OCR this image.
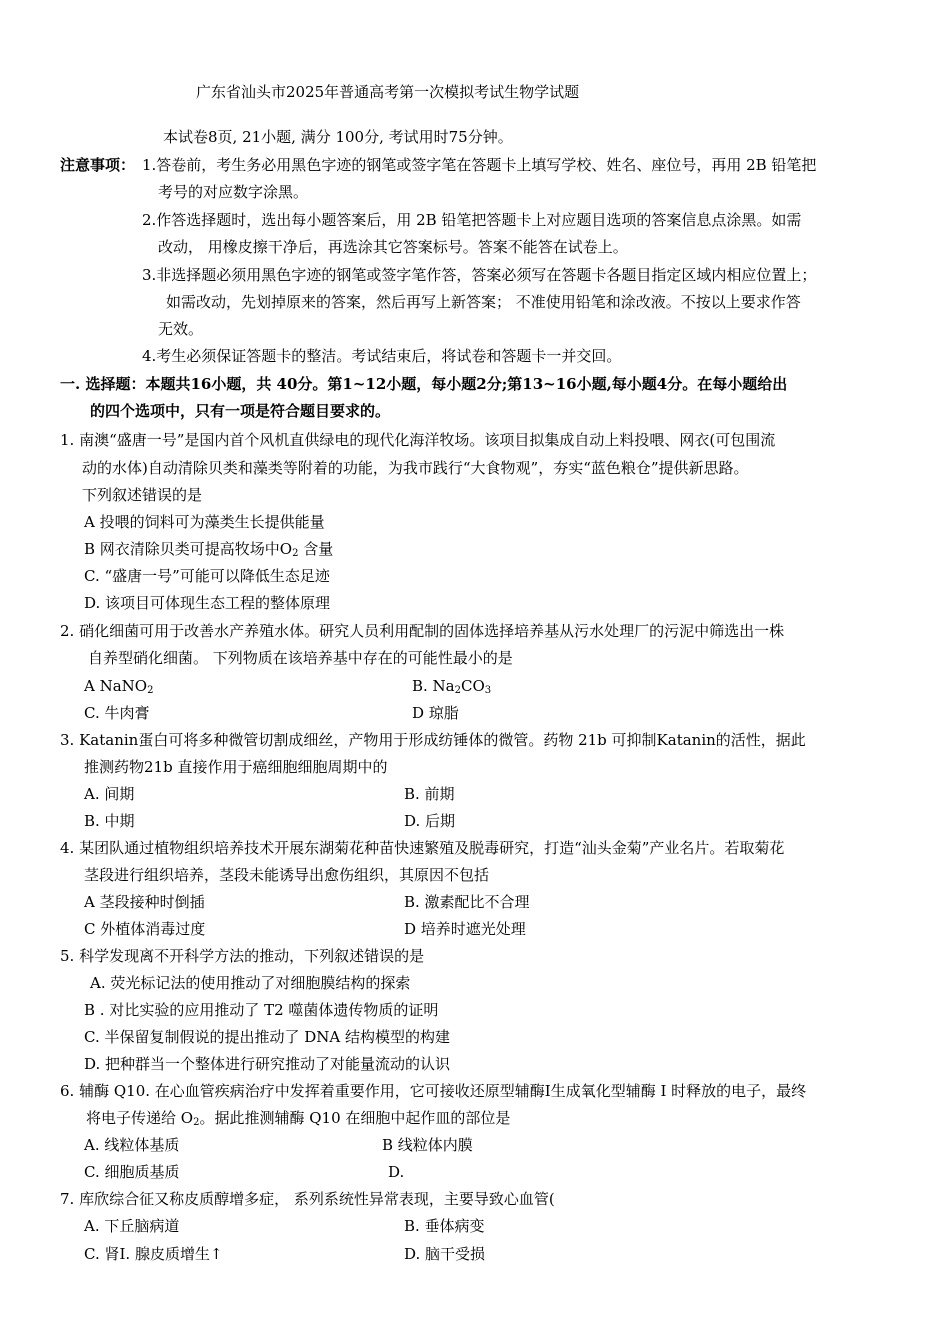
广东省汕头市2025年普通高考第一次模拟考试生物学试题
本试卷8页, 21小题, 满分 100分, 考试用时75分钟。
注意事项： 1.答卷前，考生务必用黑色字迹的钢笔或签字笔在答题卡上填写学校、姓名、座位号，再用 2B 铅笔把
考号的对应数字涂黑。
2.作答选择题时，选出每小题答案后，用 2B 铅笔把答题卡上对应题目选项的答案信息点涂黑。如需
改动， 用橡皮擦干净后，再选涂其它答案标号。答案不能答在试卷上。
3.非选择题必须用黑色字迹的钢笔或签字笔作答，答案必须写在答题卡各题目指定区域内相应位置上；
如需改动，先划掉原来的答案，然后再写上新答案； 不准使用铅笔和涂改液。不按以上要求作答
无效。
4.考生必须保证答题卡的整洁。考试结束后，将试卷和答题卡一并交回。
一. 选择题：本题共16小题，共 40分。第1~12小题，每小题2分;第13~16小题,每小题4分。在每小题给出
的四个选项中，只有一项是符合题目要求的。
1. 南澳“盛唐一号”是国内首个风机直供绿电的现代化海洋牧场。该项目拟集成自动上料投喂、网衣(可包围流
动的水体)自动清除贝类和藻类等附着的功能，为我市践行“大食物观”，夯实“蓝色粮仓”提供新思路。
下列叙述错误的是
A 投喂的饲料可为藻类生长提供能量
B 网衣清除贝类可提高牧场中$O_2$ 含量
C. “盛唐一号”可能可以降低生态足迹
D. 该项目可体现生态工程的整体原理
2. 硝化细菌可用于改善水产养殖水体。研究人员利用配制的固体选择培养基从污水处理厂的污泥中筛选出一株
自养型硝化细菌。 下列物质在该培养基中存在的可能性最小的是
A NaNO$_2$	B. $Na_2CO_3$
C. 牛肉膏	D 琼脂
3. Katanin蛋白可将多种微管切割成细丝，产物用于形成纺锤体的微管。药物 21b 可抑制Katanin的活性，据此
推测药物21b 直接作用于癌细胞细胞周期中的
A. 间期	B. 前期
B. 中期	D. 后期
4. 某团队通过植物组织培养技术开展东湖菊花种苗快速繁殖及脱毒研究，打造“汕头金菊”产业名片。若取菊花
茎段进行组织培养，茎段未能诱导出愈伤组织，其原因不包括
A 茎段接种时倒插	B. 激素配比不合理
C 外植体消毒过度	D 培养时遮光处理
5. 科学发现离不开科学方法的推动，下列叙述错误的是
A. 荧光标记法的使用推动了对细胞膜结构的探索
B . 对比实验的应用推动了 T2 噬菌体遗传物质的证明
C. 半保留复制假说的提出推动了 DNA 结构模型的构建
D. 把种群当一个整体进行研究推动了对能量流动的认识
6. 辅酶 Q10. 在心血管疾病治疗中发挥着重要作用，它可接收还原型辅酶Ⅰ生成氧化型辅酶 I 时释放的电子，最终
将电子传递给 $O_2$。据此推测辅酶 Q10 在细胞中起作皿的部位是
A. 线粒体基质	B 线粒体内膜
C. 细胞质基质	D.
7. 库欣综合征又称皮质醇增多症， 系列系统性异常表现，主要导致心血管(
A. 下丘脑病道	B. 垂体病变
C. 肾Ⅰ. 腺皮质增生↑	D. 脑干受损
